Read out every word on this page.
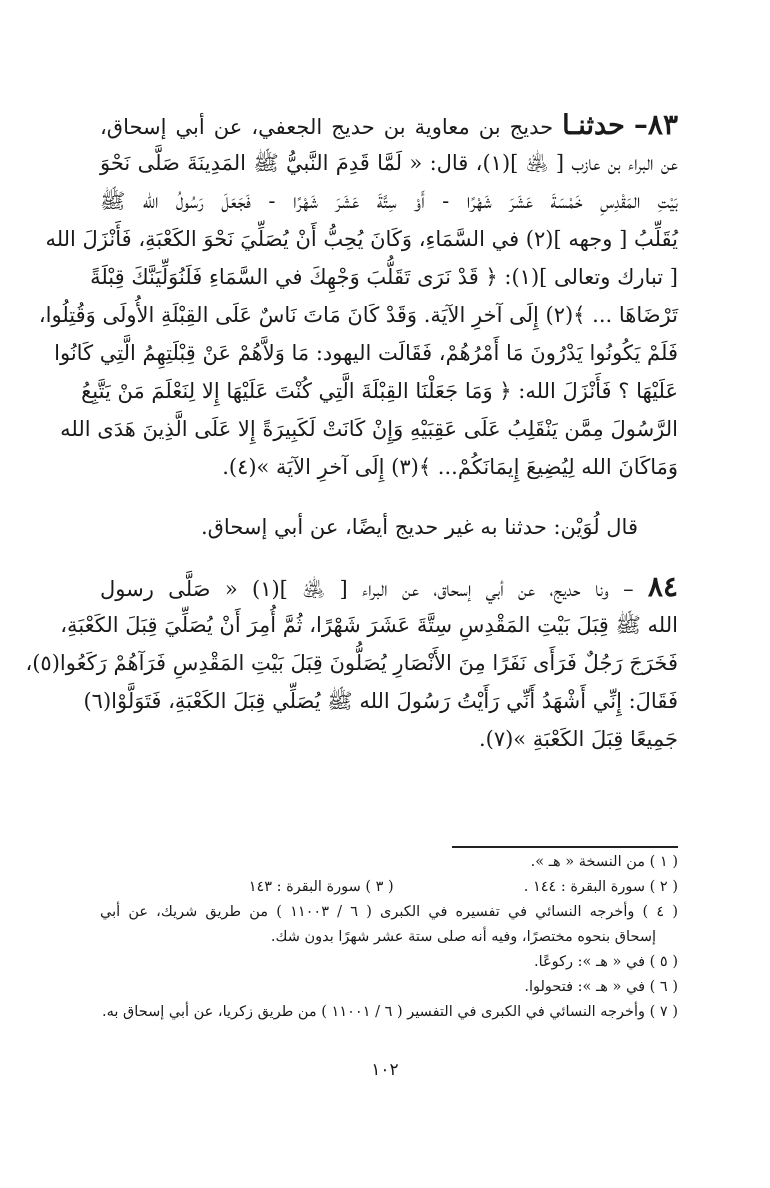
٨٣– حدثنـا حديج بن معاوية بن حديج الجعفي، عن أبي إسحاق،
عن البراء بن عازب [ ﵁ ](١)، قال: « لَمَّا قَدِمَ النَّبيُّ ﷺ المَدِينَةَ صَلَّى نَحْوَ
بَيْتِ المَقْدِسِ خَمْسَةَ عَشَرَ شَهْرًا - أَوْ سِتَّةَ عَشَرَ شَهْرًا - فَجَعَلَ رَسُولُ الله ﷺ
يُقَلِّبُ [ وجهه ](٢) في السَّمَاءِ، وَكَانَ يُحِبُّ أَنْ يُصَلِّيَ نَحْوَ الكَعْبَةِ، فَأَنْزَلَ الله
[ تبارك وتعالى ](١): ﴿ قَدْ نَرَى تَقَلُّبَ وَجْهِكَ في السَّمَاءِ فَلَنُوَلِّيَنَّكَ قِبْلَةً
تَرْضَاهَا ... ﴾(٢) إِلَى آخرِ الآيَة. وَقَدْ كَانَ مَاتَ نَاسٌ عَلَى القِبْلَةِ الأُولَى وَقُتِلُوا،
فَلَمْ يَكُونُوا يَدْرُونَ مَا أَمْرُهُمْ، فَقَالَت اليهود: مَا وَلاَّهُمْ عَنْ قِبْلَتِهِمُ الَّتِي كَانُوا
عَلَيْهَا ؟ فَأَنْزَلَ الله: ﴿ وَمَا جَعَلْنَا القِبْلَةَ الَّتِي كُنْتَ عَلَيْهَا إِلا لِنَعْلَمَ مَنْ يَتَّبِعُ
الرَّسُولَ مِمَّن يَنْقَلِبُ عَلَى عَقِبَيْهِ وَإِنْ كَانَتْ لَكَبِيرَةً إِلا عَلَى الَّذِينَ هَدَى الله
وَمَاكَانَ الله لِيُضِيعَ إِيمَانَكُمْ... ﴾(٣) إِلَى آخرِ الآيَة »(٤).
قال لُوَيْن: حدثنا به غير حديج أيضًا، عن أبي إسحاق.
٨٤ – ونا حديج، عن أبي إسحاق، عن البراء [ ﵁ ](١) « صَلَّى رسول
الله ﷺ قِبَلَ بَيْتِ المَقْدِسِ سِتَّةَ عَشَرَ شَهْرًا، ثُمَّ أُمِرَ أَنْ يُصَلِّيَ قِبَلَ الكَعْبَةِ،
فَخَرَجَ رَجُلٌ فَرَأَى نَفَرًا مِنَ الأَنْصَارِ يُصَلُّونَ قِبَلَ بَيْتِ المَقْدِسِ فَرَآهُمْ رَكَعُوا(٥)،
فَقَالَ: إِنِّي أَشْهَدُ أَنِّي رَأَيْتُ رَسُولَ الله ﷺ يُصَلِّي قِبَلَ الكَعْبَةِ، فَتَوَلَّوْا(٦)
جَمِيعًا قِبَلَ الكَعْبَةِ »(٧).
( ١ ) من النسخة « هـ ».
( ٢ ) سورة البقرة : ١٤٤ .( ٣ ) سورة البقرة : ١٤٣
( ٤ ) وأخرجه النسائي في تفسيره في الكبرى ( ٦ / ١١٠٠٣ ) من طريق شريك، عن أبي
إسحاق بنحوه مختصرًا، وفيه أنه صلى ستة عشر شهرًا بدون شك.
( ٥ ) في « هـ »: ركوعًا.
( ٦ ) في « هـ »: فتحولوا.
( ٧ ) وأخرجه النسائي في الكبرى في التفسير ( ٦ / ١١٠٠١ ) من طريق زكريا، عن أبي إسحاق به.
١٠٢
